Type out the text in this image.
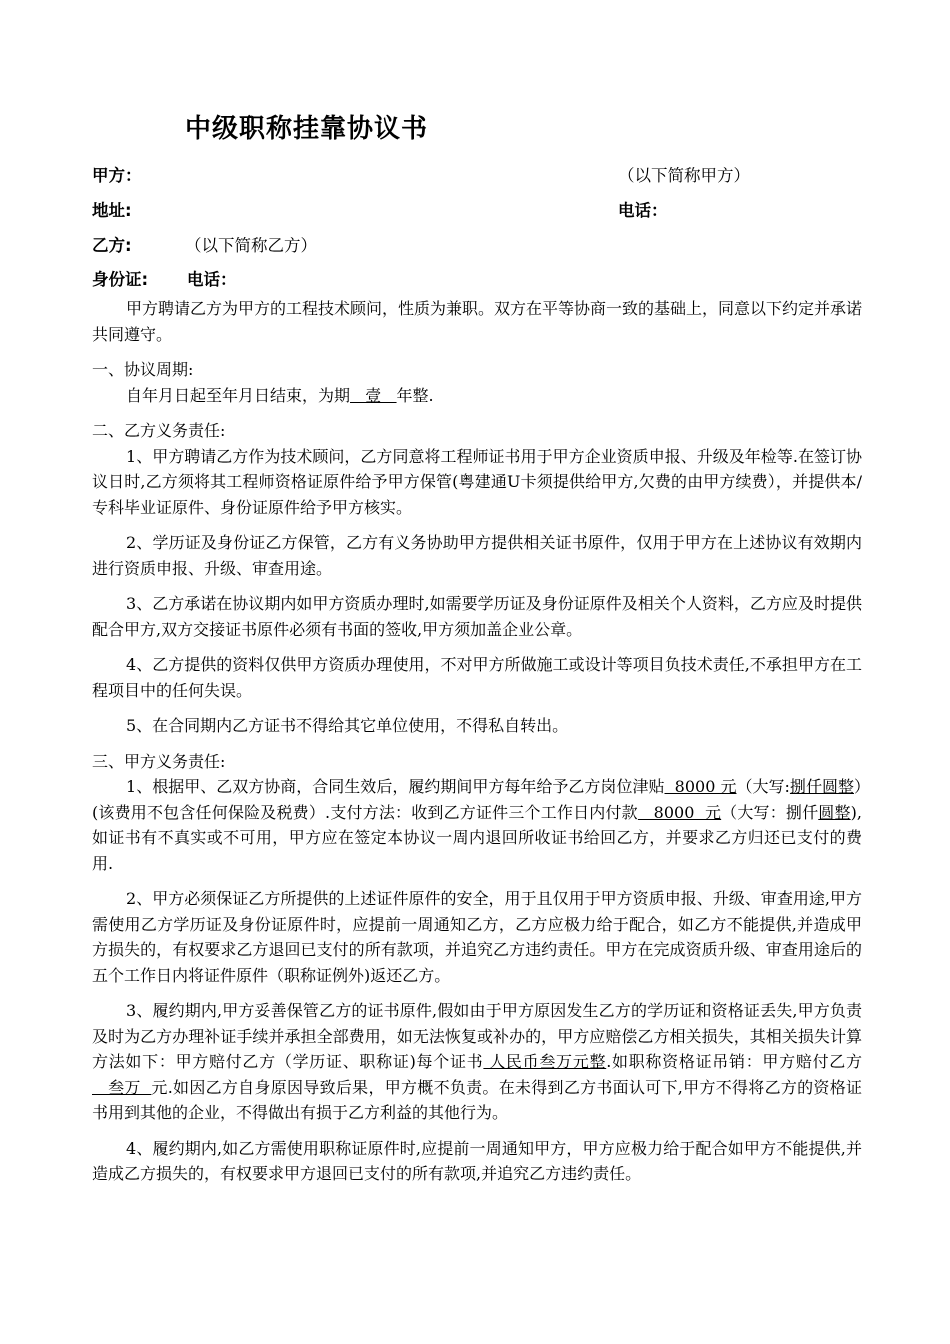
中级职称挂靠协议书
甲方：	（以下简称甲方）
地址:	电话：
乙方:	（以下简称乙方）
身份证: 电话：

甲方聘请乙方为甲方的工程技术顾问，性质为兼职。双方在平等协商一致的基础上，同意以下约定并承诺共同遵守。

一、协议周期:

自年月日起至年月日结束，为期   壹   年整.

二、乙方义务责任:

1、甲方聘请乙方作为技术顾问，乙方同意将工程师证书用于甲方企业资质申报、升级及年检等.在签订协议日时,乙方须将其工程师资格证原件给予甲方保管(粤建通U卡须提供给甲方,欠费的由甲方续费），并提供本/专科毕业证原件、身份证原件给予甲方核实。

2、学历证及身份证乙方保管，乙方有义务协助甲方提供相关证书原件，仅用于甲方在上述协议有效期内进行资质申报、升级、审查用途。

3、乙方承诺在协议期内如甲方资质办理时,如需要学历证及身份证原件及相关个人资料，乙方应及时提供配合甲方,双方交接证书原件必须有书面的签收,甲方须加盖企业公章。

4、乙方提供的资料仅供甲方资质办理使用，不对甲方所做施工或设计等项目负技术责任,不承担甲方在工程项目中的任何失误。

5、在合同期内乙方证书不得给其它单位使用，不得私自转出。

三、甲方义务责任:

1、根据甲、乙双方协商，合同生效后，履约期间甲方每年给予乙方岗位津贴  8000 元（大写:捌仟圆整）(该费用不包含任何保险及税费）.支付方法：收到乙方证件三个工作日内付款   8000  元（大写：捌仟圆整),如证书有不真实或不可用，甲方应在签定本协议一周内退回所收证书给回乙方，并要求乙方归还已支付的费用.

2、甲方必须保证乙方所提供的上述证件原件的安全，用于且仅用于甲方资质申报、升级、审查用途,甲方需使用乙方学历证及身份证原件时，应提前一周通知乙方，乙方应极力给于配合，如乙方不能提供,并造成甲方损失的，有权要求乙方退回已支付的所有款项，并追究乙方违约责任。甲方在完成资质升级、审查用途后的五个工作日内将证件原件（职称证例外)返还乙方。

3、履约期内,甲方妥善保管乙方的证书原件,假如由于甲方原因发生乙方的学历证和资格证丢失,甲方负责及时为乙方办理补证手续并承担全部费用，如无法恢复或补办的，甲方应赔偿乙方相关损失，其相关损失计算方法如下：甲方赔付乙方（学历证、职称证)每个证书 人民币叁万元整.如职称资格证吊销：甲方赔付乙方   叁万  元.如因乙方自身原因导致后果，甲方概不负责。在未得到乙方书面认可下,甲方不得将乙方的资格证书用到其他的企业，不得做出有损于乙方利益的其他行为。

4、履约期内,如乙方需使用职称证原件时,应提前一周通知甲方，甲方应极力给于配合如甲方不能提供,并造成乙方损失的，有权要求甲方退回已支付的所有款项,并追究乙方违约责任。
